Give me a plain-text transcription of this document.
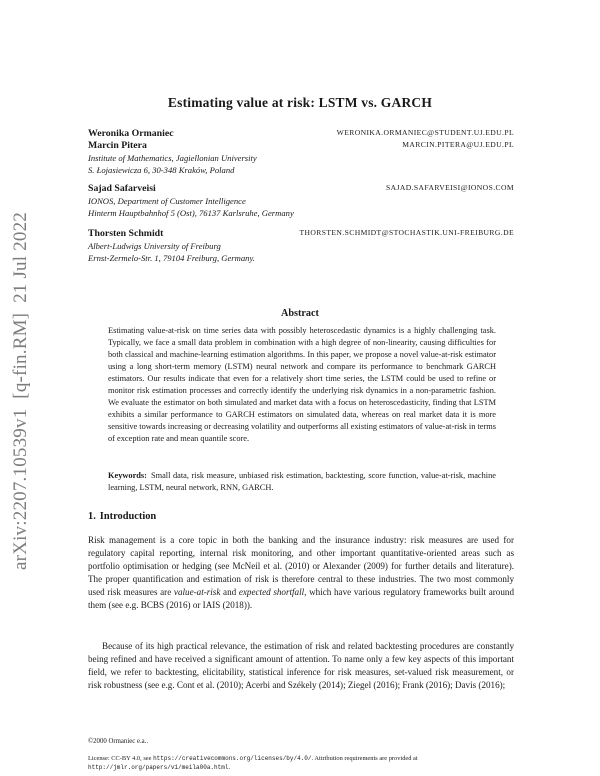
arXiv:2207.10539v1  [q-fin.RM]  21 Jul 2022
Estimating value at risk: LSTM vs. GARCH
Weronika Ormaniec	WERONIKA.ORMANIEC@STUDENT.UJ.EDU.PL
Marcin Pitera	MARCIN.PITERA@UJ.EDU.PL
Institute of Mathematics, Jagiellonian University
S. Łojasiewicza 6, 30-348 Kraków, Poland
Sajad Safarveisi	SAJAD.SAFARVEISI@IONOS.COM
IONOS, Department of Customer Intelligence
Hinterm Hauptbahnhof 5 (Ost), 76137 Karlsruhe, Germany
Thorsten Schmidt	THORSTEN.SCHMIDT@STOCHASTIK.UNI-FREIBURG.DE
Albert-Ludwigs University of Freiburg
Ernst-Zermelo-Str. 1, 79104 Freiburg, Germany.
Abstract

Estimating value-at-risk on time series data with possibly heteroscedastic dynamics is a highly challenging task. Typically, we face a small data problem in combination with a high degree of non-linearity, causing difficulties for both classical and machine-learning estimation algorithms. In this paper, we propose a novel value-at-risk estimator using a long short-term memory (LSTM) neural network and compare its performance to benchmark GARCH estimators. Our results indicate that even for a relatively short time series, the LSTM could be used to refine or monitor risk estimation processes and correctly identify the underlying risk dynamics in a non-parametric fashion. We evaluate the estimator on both simulated and market data with a focus on heteroscedasticity, finding that LSTM exhibits a similar performance to GARCH estimators on simulated data, whereas on real market data it is more sensitive towards increasing or decreasing volatility and outperforms all existing estimators of value-at-risk in terms of exception rate and mean quantile score.

Keywords: Small data, risk measure, unbiased risk estimation, backtesting, score function, value-at-risk, machine learning, LSTM, neural network, RNN, GARCH.

1. Introduction

Risk management is a core topic in both the banking and the insurance industry: risk measures are used for regulatory capital reporting, internal risk monitoring, and other important quantitative-oriented areas such as portfolio optimisation or hedging (see McNeil et al. (2010) or Alexander (2009) for further details and literature). The proper quantification and estimation of risk is therefore central to these industries. The two most commonly used risk measures are value-at-risk and expected shortfall, which have various regulatory frameworks built around them (see e.g. BCBS (2016) or IAIS (2018)).

Because of its high practical relevance, the estimation of risk and related backtesting procedures are constantly being refined and have received a significant amount of attention. To name only a few key aspects of this important field, we refer to backtesting, elicitability, statistical inference for risk measures, set-valued risk measurement, or risk robustness (see e.g. Cont et al. (2010); Acerbi and Székely (2014); Ziegel (2016); Frank (2016); Davis (2016);

©2000 Ormaniec e.a..

License: CC-BY 4.0, see https://creativecommons.org/licenses/by/4.0/. Attribution requirements are provided at http://jmlr.org/papers/v1/meila00a.html.
